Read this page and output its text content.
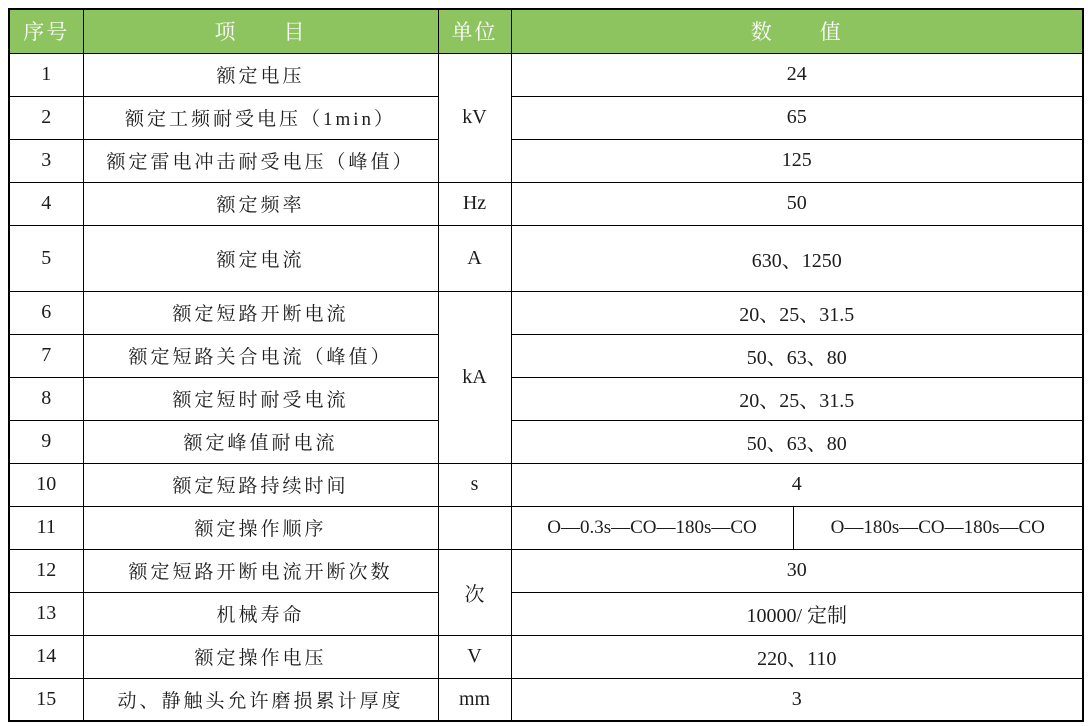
序号	项　　目	单位	数　　值	
1	额定电压	kV	24	
2	额定工频耐受电压（1min）		65	
3	额定雷电冲击耐受电压（峰值）		125	
4	额定频率	Hz	50	
5	额定电流	A	630、1250	
6	额定短路开断电流	kA	20、25、31.5	
7	额定短路关合电流（峰值）		50、63、80	
8	额定短时耐受电流		20、25、31.5	
9	额定峰值耐电流		50、63、80	
10	额定短路持续时间	s	4	
11	额定操作顺序		O—0.3s—CO—180s—CO	O—180s—CO—180s—CO
12	额定短路开断电流开断次数	次	30	
13	机械寿命		10000/ 定制	
14	额定操作电压	V	220、110	
15	动、静触头允许磨损累计厚度	mm	3	
